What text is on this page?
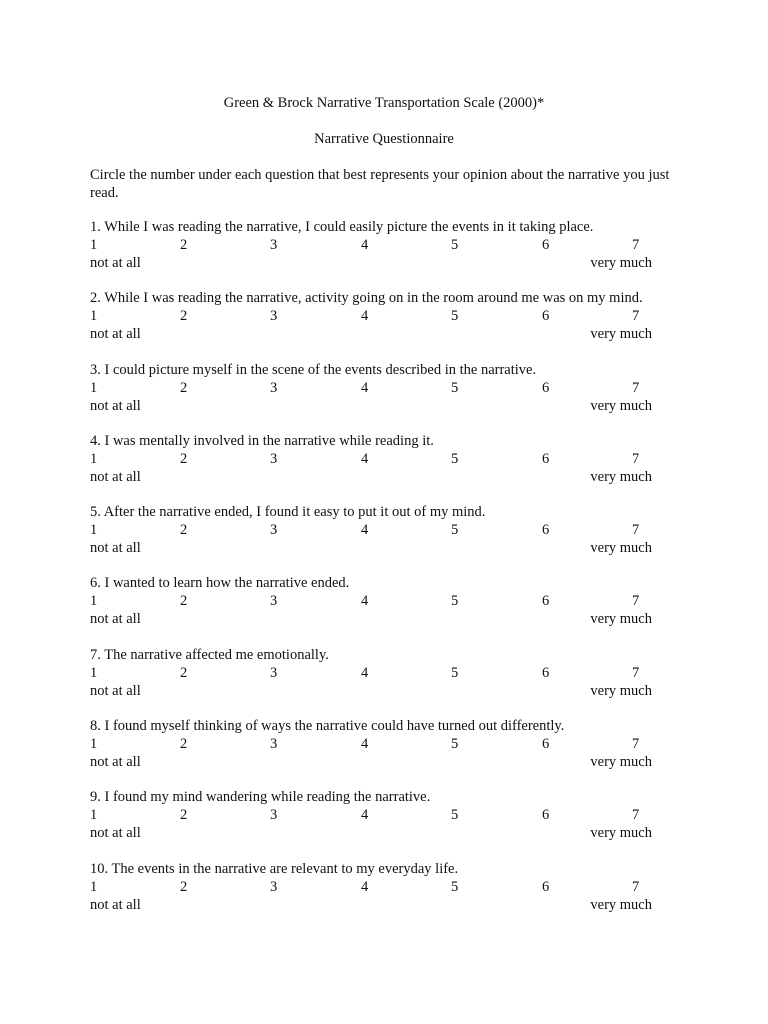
Green & Brock Narrative Transportation Scale (2000)*
Narrative Questionnaire
Circle the number under each question that best represents your opinion about the narrative you just read.
1. While I was reading the narrative, I could easily picture the events in it taking place.
1	2	3	4	5	6	7
not at all	very much
2. While I was reading the narrative, activity going on in the room around me was on my mind.
1	2	3	4	5	6	7
not at all	very much
3. I could picture myself in the scene of the events described in the narrative.
1	2	3	4	5	6	7
not at all	very much
4. I was mentally involved in the narrative while reading it.
1	2	3	4	5	6	7
not at all	very much
5. After the narrative ended, I found it easy to put it out of my mind.
1	2	3	4	5	6	7
not at all	very much
6. I wanted to learn how the narrative ended.
1	2	3	4	5	6	7
not at all	very much
7. The narrative affected me emotionally.
1	2	3	4	5	6	7
not at all	very much
8. I found myself thinking of ways the narrative could have turned out differently.
1	2	3	4	5	6	7
not at all	very much
9. I found my mind wandering while reading the narrative.
1	2	3	4	5	6	7
not at all	very much
10. The events in the narrative are relevant to my everyday life.
1	2	3	4	5	6	7
not at all	very much
